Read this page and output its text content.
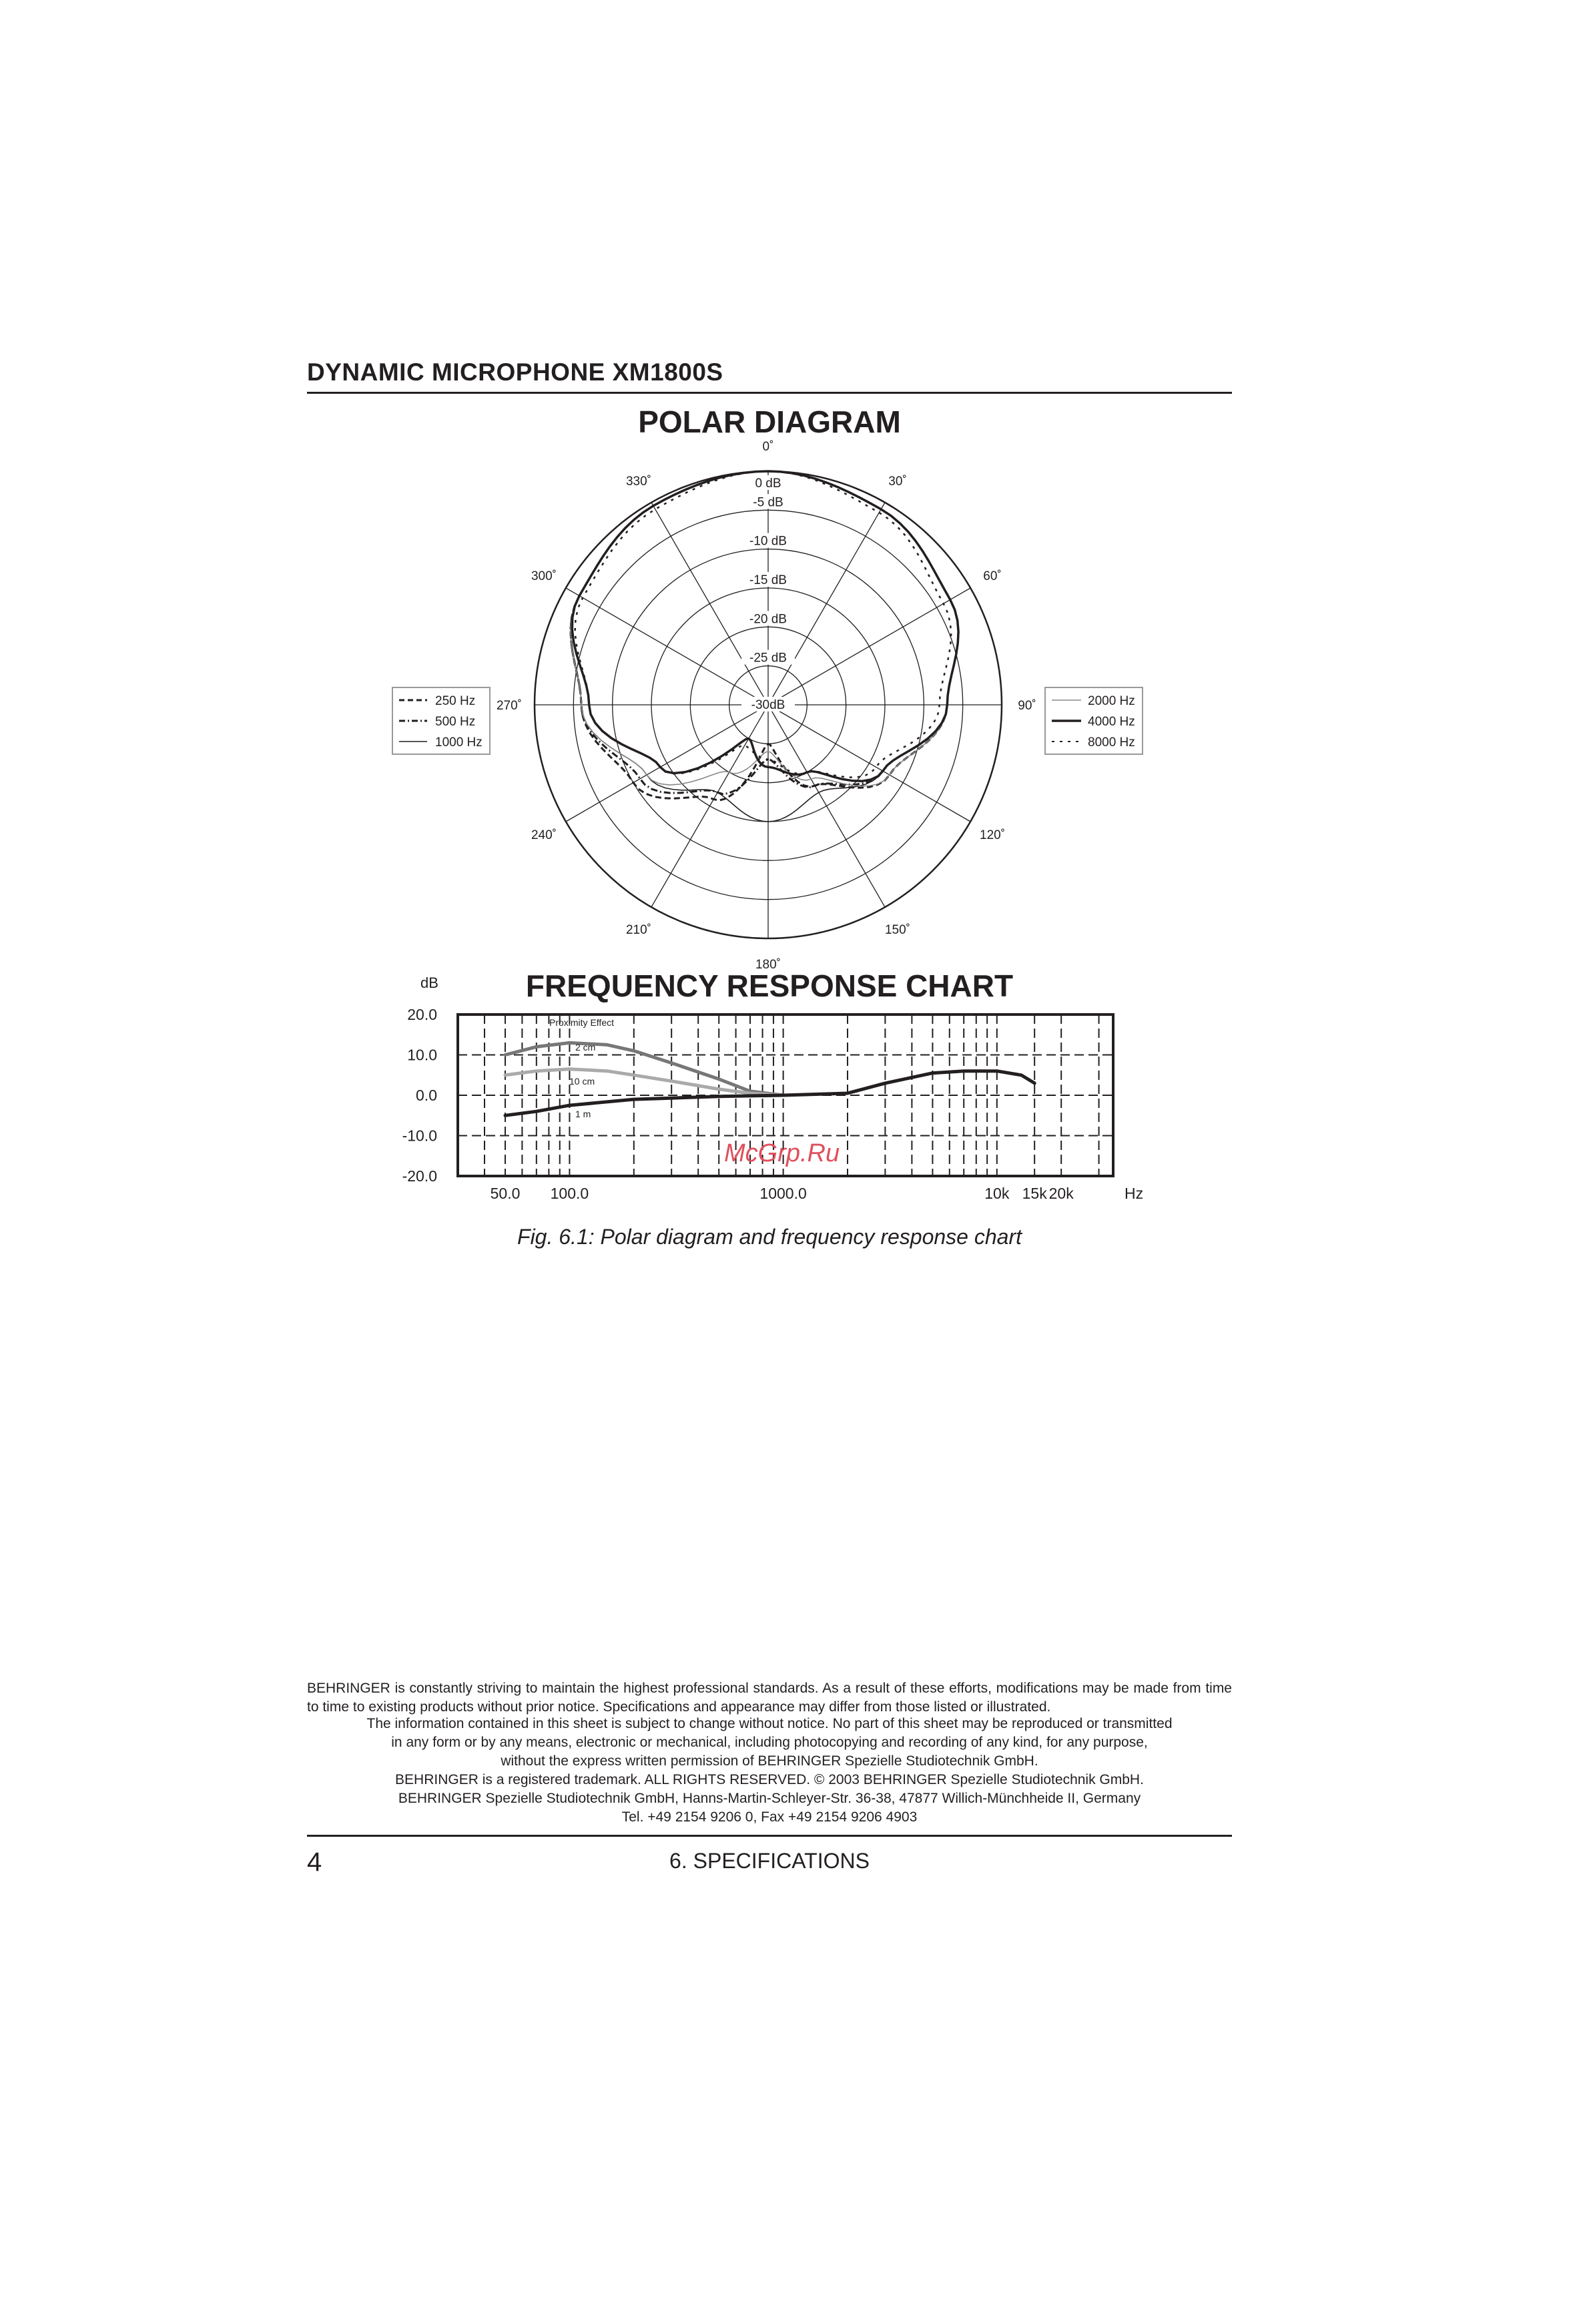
DYNAMIC MICROPHONE XM1800S
POLAR DIAGRAM
0˚
30˚
60˚
90˚
120˚
150˚
180˚
210˚
240˚
270˚
300˚
330˚	0 dB
-5 dB
-10 dB
-15 dB
-20 dB
-25 dB
-30dB
250 Hz
500 Hz
1000 Hz
2000 Hz
4000 Hz
8000 Hz
FREQUENCY RESPONSE CHART
dB
20.0
10.0
0.0
-10.0
-20.0
50.0 100.0	1000.0	10k 15k 20k	Hz
Proximity Effect
2 cm
10 cm
1 m
McGrp.Ru
Fig. 6.1: Polar diagram and frequency response chart
BEHRINGER is constantly striving to maintain the highest professional standards. As a result of these efforts, modifications may be made from time to time to existing products without prior notice. Specifications and appearance may differ from those listed or illustrated.
The information contained in this sheet is subject to change without notice. No part of this sheet may be reproduced or transmitted
in any form or by any means, electronic or mechanical, including photocopying and recording of any kind, for any purpose,
without the express written permission of BEHRINGER Spezielle Studiotechnik GmbH.
BEHRINGER is a registered trademark. ALL RIGHTS RESERVED. © 2003 BEHRINGER Spezielle Studiotechnik GmbH.
BEHRINGER Spezielle Studiotechnik GmbH, Hanns-Martin-Schleyer-Str. 36-38, 47877 Willich-Münchheide II, Germany
Tel. +49 2154 9206 0, Fax +49 2154 9206 4903
4	6. SPECIFICATIONS
